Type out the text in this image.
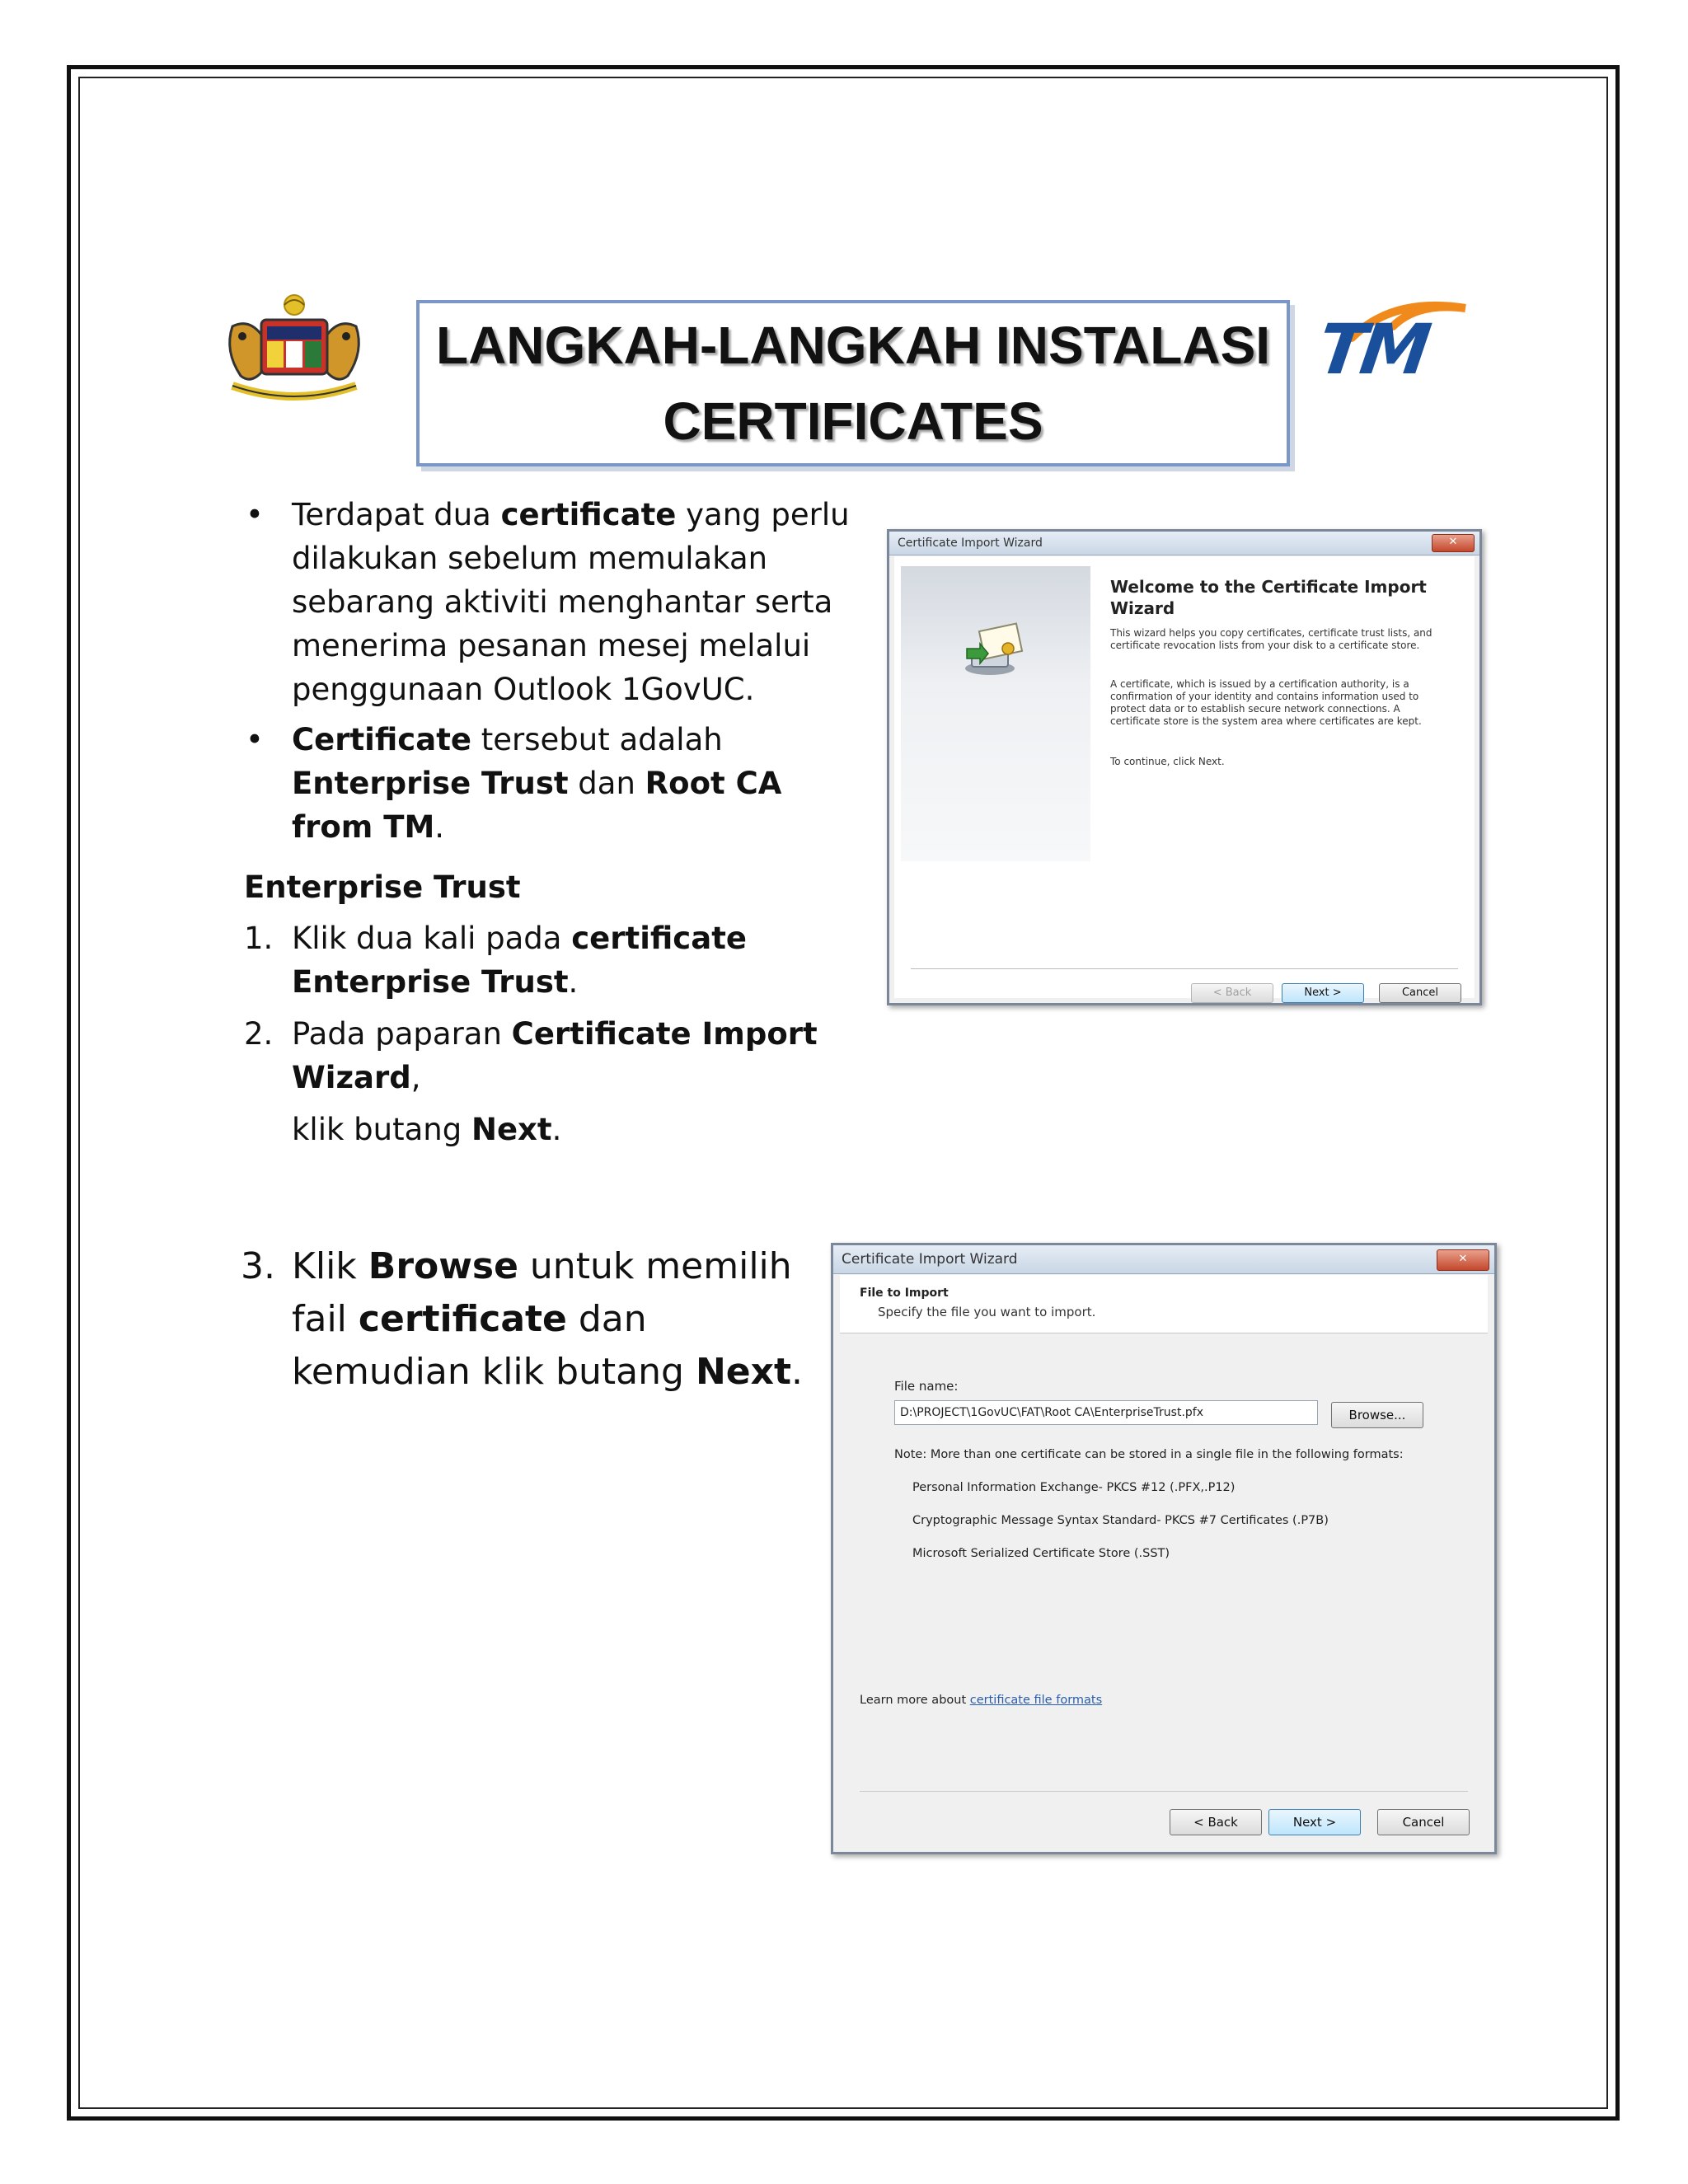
TM
LANGKAH-LANGKAH INSTALASI
CERTIFICATES
• Terdapat dua certificate yang perlu dilakukan sebelum memulakan sebarang aktiviti menghantar serta menerima pesanan mesej melalui penggunaan Outlook 1GovUC.
• Certificate tersebut adalah Enterprise Trust dan Root CA from TM.
Enterprise Trust
1. Klik dua kali pada certificate Enterprise Trust.
2. Pada paparan Certificate Import Wizard,
klik butang Next.
3. Klik Browse untuk memilih fail certificate dan kemudian klik butang Next.
Certificate Import Wizard	✕
Welcome to the Certificate Import Wizard
This wizard helps you copy certificates, certificate trust lists, and certificate revocation lists from your disk to a certificate store.
A certificate, which is issued by a certification authority, is a confirmation of your identity and contains information used to protect data or to establish secure network connections. A certificate store is the system area where certificates are kept.
To continue, click Next.
< Back	Next >	Cancel
Certificate Import Wizard	✕
File to Import
Specify the file you want to import.
File name:
D:\PROJECT\1GovUC\FAT\Root CA\EnterpriseTrust.pfx	Browse...
Note: More than one certificate can be stored in a single file in the following formats:
Personal Information Exchange- PKCS #12 (.PFX,.P12)
Cryptographic Message Syntax Standard- PKCS #7 Certificates (.P7B)
Microsoft Serialized Certificate Store (.SST)
Learn more about certificate file formats
< Back	Next >	Cancel
